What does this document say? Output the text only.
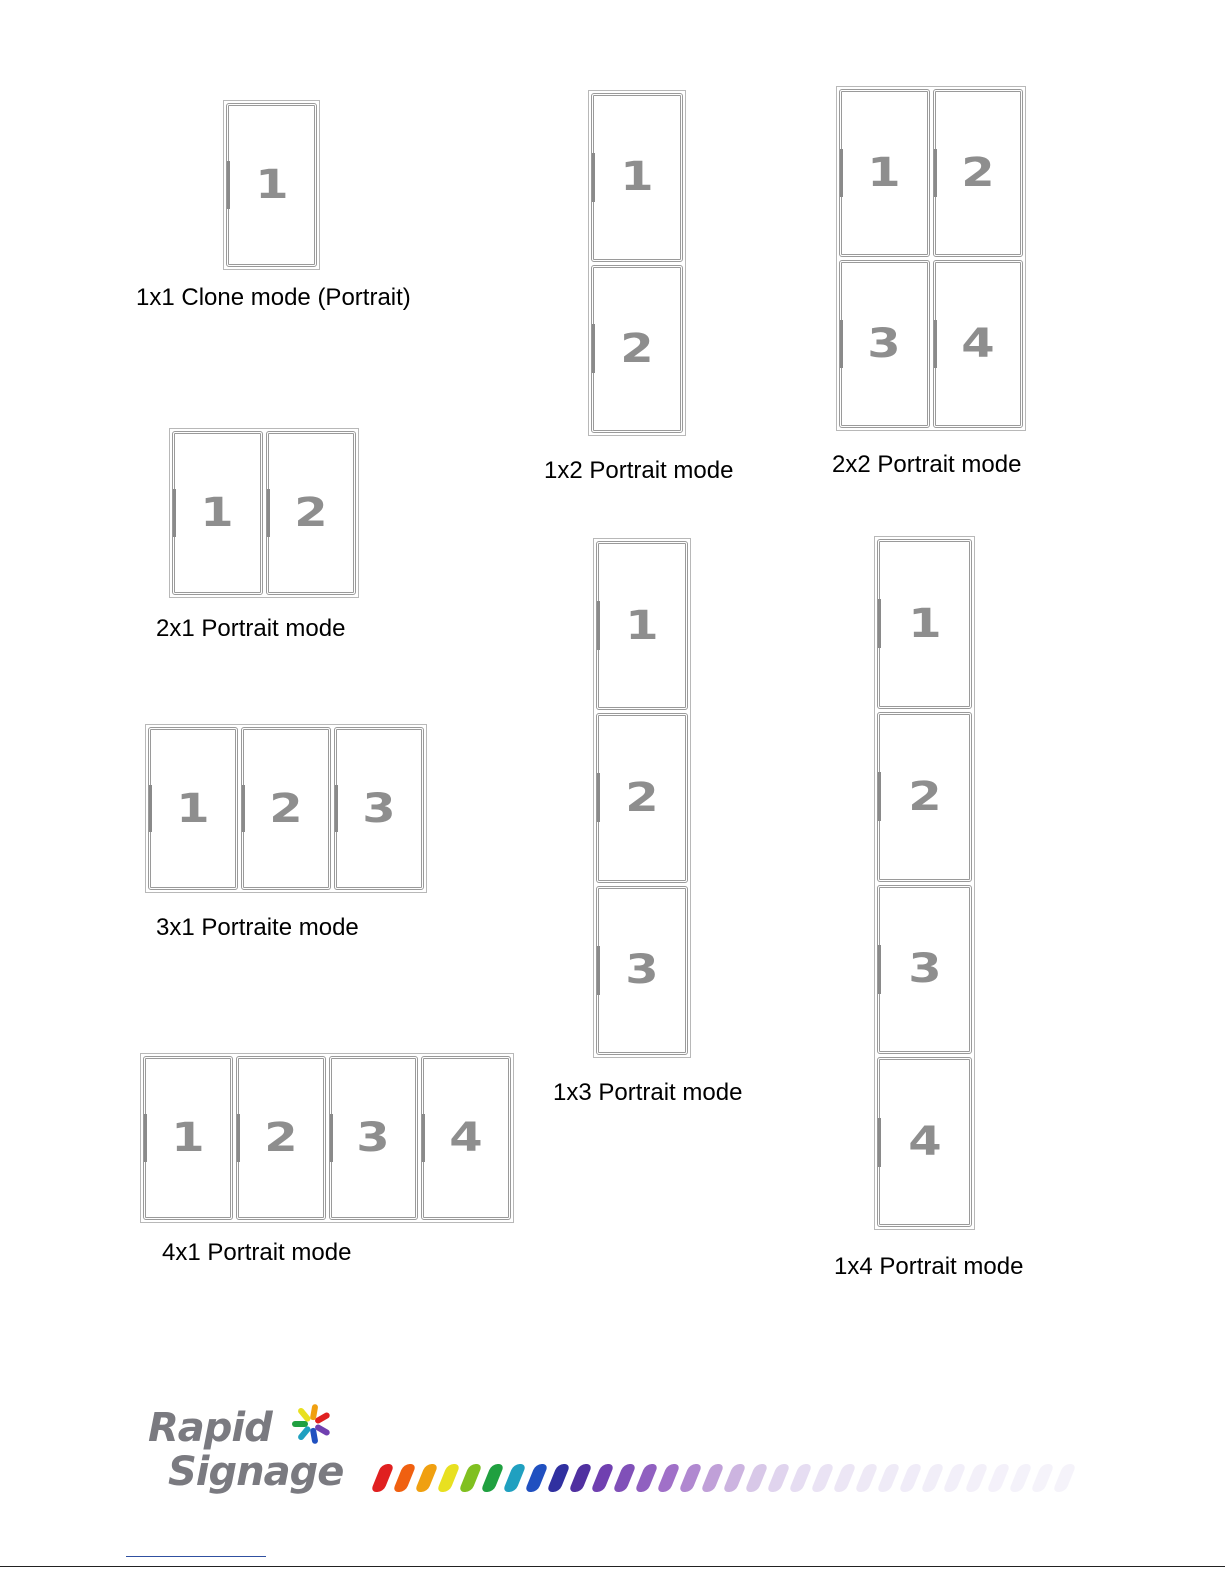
1
1x1 Clone mode (Portrait)
1
2
1x2 Portrait mode
1 2
3 4
2x2 Portrait mode
1 2
2x1 Portrait mode	1
2
3
1x3 Portrait mode
1
2
3
4
1x4 Portrait mode
1 2 3
3x1 Portraite mode
1 2 3 4
4x1 Portrait mode
Rapid
Signage
